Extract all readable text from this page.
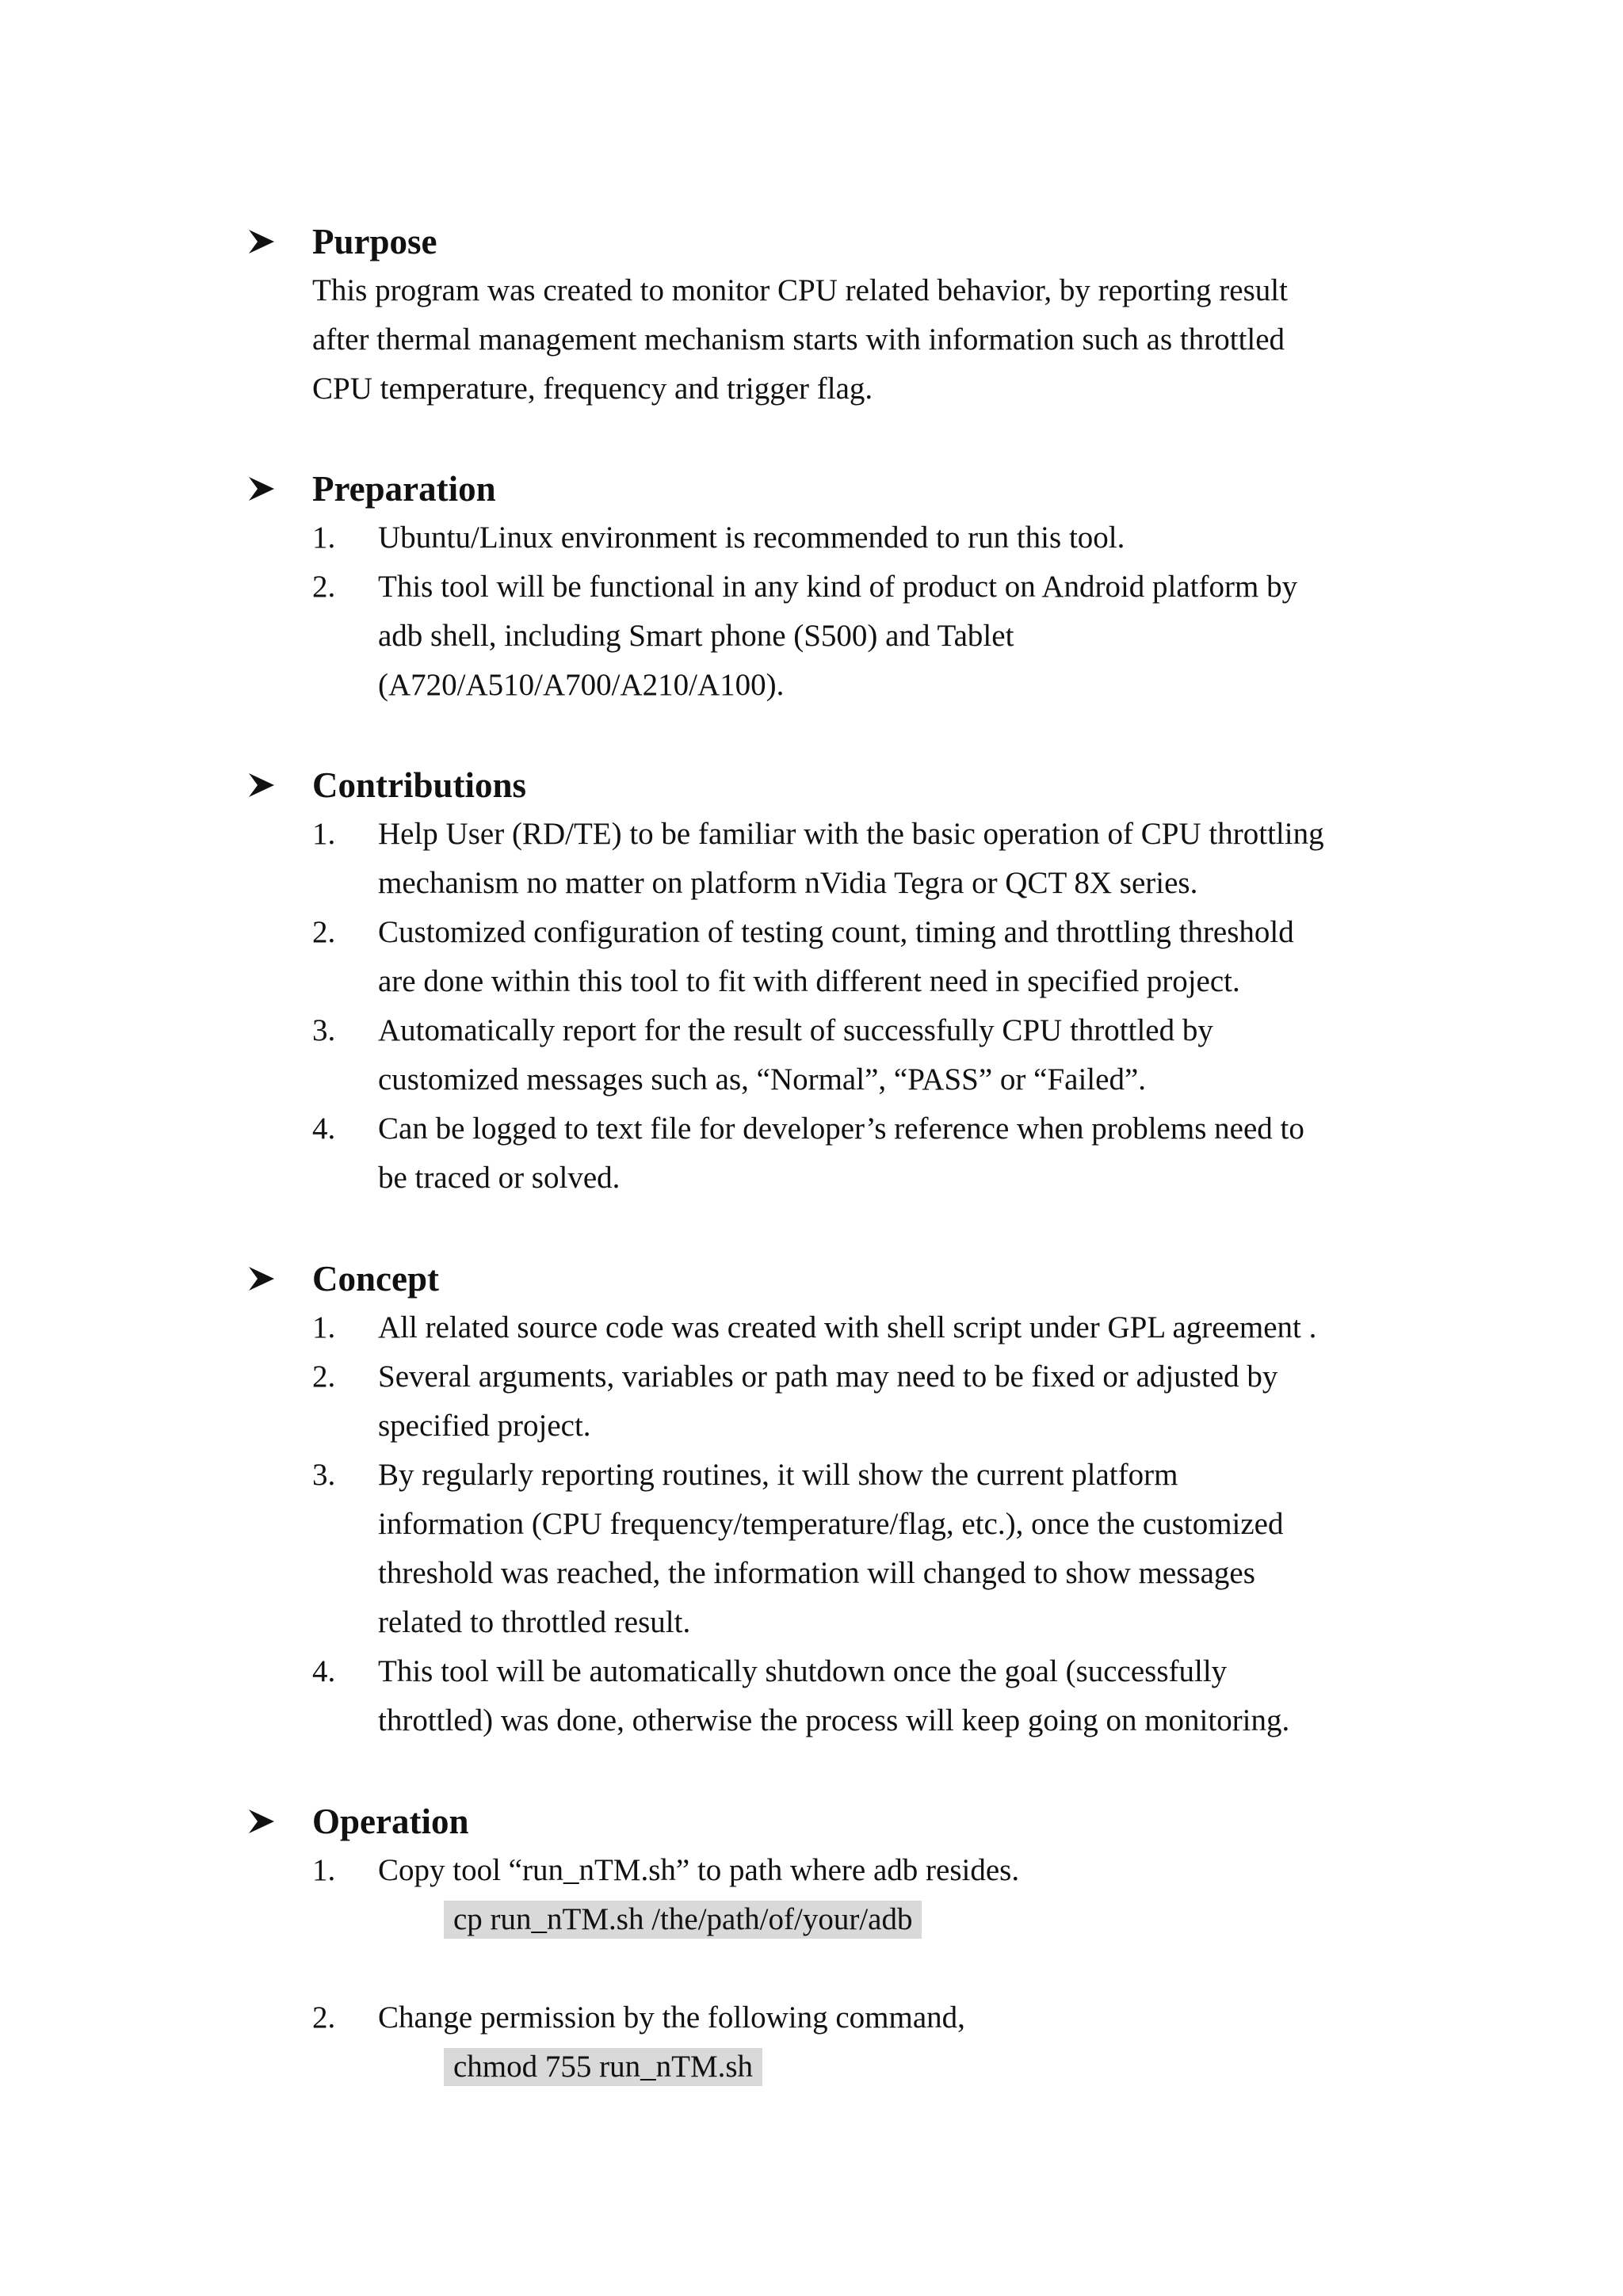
Purpose
This program was created to monitor CPU related behavior, by reporting result
after thermal management mechanism starts with information such as throttled
CPU temperature, frequency and trigger flag.
Preparation
1. Ubuntu/Linux environment is recommended to run this tool.
2. This tool will be functional in any kind of product on Android platform by
adb shell, including Smart phone (S500) and Tablet
(A720/A510/A700/A210/A100).
Contributions
1. Help User (RD/TE) to be familiar with the basic operation of CPU throttling
mechanism no matter on platform nVidia Tegra or QCT 8X series.
2. Customized configuration of testing count, timing and throttling threshold
are done within this tool to fit with different need in specified project.
3. Automatically report for the result of successfully CPU throttled by
customized messages such as, “Normal”, “PASS” or “Failed”.
4. Can be logged to text file for developer’s reference when problems need to
be traced or solved.
Concept
1. All related source code was created with shell script under GPL agreement .
2. Several arguments, variables or path may need to be fixed or adjusted by
specified project.
3. By regularly reporting routines, it will show the current platform
information (CPU frequency/temperature/flag, etc.), once the customized
threshold was reached, the information will changed to show messages
related to throttled result.
4. This tool will be automatically shutdown once the goal (successfully
throttled) was done, otherwise the process will keep going on monitoring.
Operation
1. Copy tool “run_nTM.sh” to path where adb resides.
cp run_nTM.sh /the/path/of/your/adb
2. Change permission by the following command,
chmod 755 run_nTM.sh
